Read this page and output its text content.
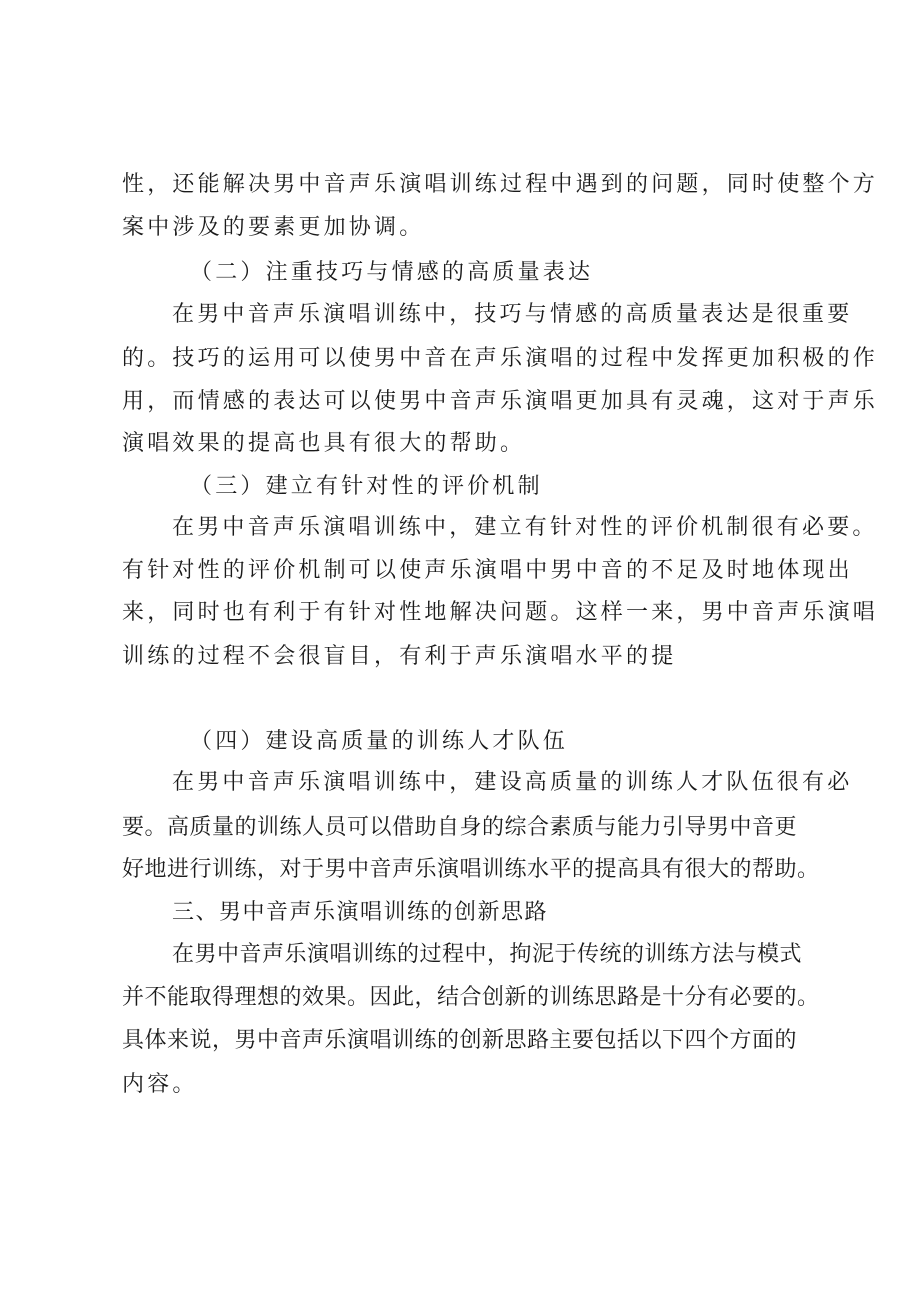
性，还能解决男中音声乐演唱训练过程中遇到的问题，同时使整个方
案中涉及的要素更加协调。
（二）注重技巧与情感的高质量表达
在男中音声乐演唱训练中，技巧与情感的高质量表达是很重要
的。技巧的运用可以使男中音在声乐演唱的过程中发挥更加积极的作
用，而情感的表达可以使男中音声乐演唱更加具有灵魂，这对于声乐
演唱效果的提高也具有很大的帮助。
（三）建立有针对性的评价机制
在男中音声乐演唱训练中，建立有针对性的评价机制很有必要。
有针对性的评价机制可以使声乐演唱中男中音的不足及时地体现出
来，同时也有利于有针对性地解决问题。这样一来，男中音声乐演唱
训练的过程不会很盲目，有利于声乐演唱水平的提
（四）建设高质量的训练人才队伍
在男中音声乐演唱训练中，建设高质量的训练人才队伍很有必
要。高质量的训练人员可以借助自身的综合素质与能力引导男中音更
好地进行训练，对于男中音声乐演唱训练水平的提高具有很大的帮助。
三、男中音声乐演唱训练的创新思路
在男中音声乐演唱训练的过程中，拘泥于传统的训练方法与模式
并不能取得理想的效果。因此，结合创新的训练思路是十分有必要的。
具体来说，男中音声乐演唱训练的创新思路主要包括以下四个方面的
内容。
